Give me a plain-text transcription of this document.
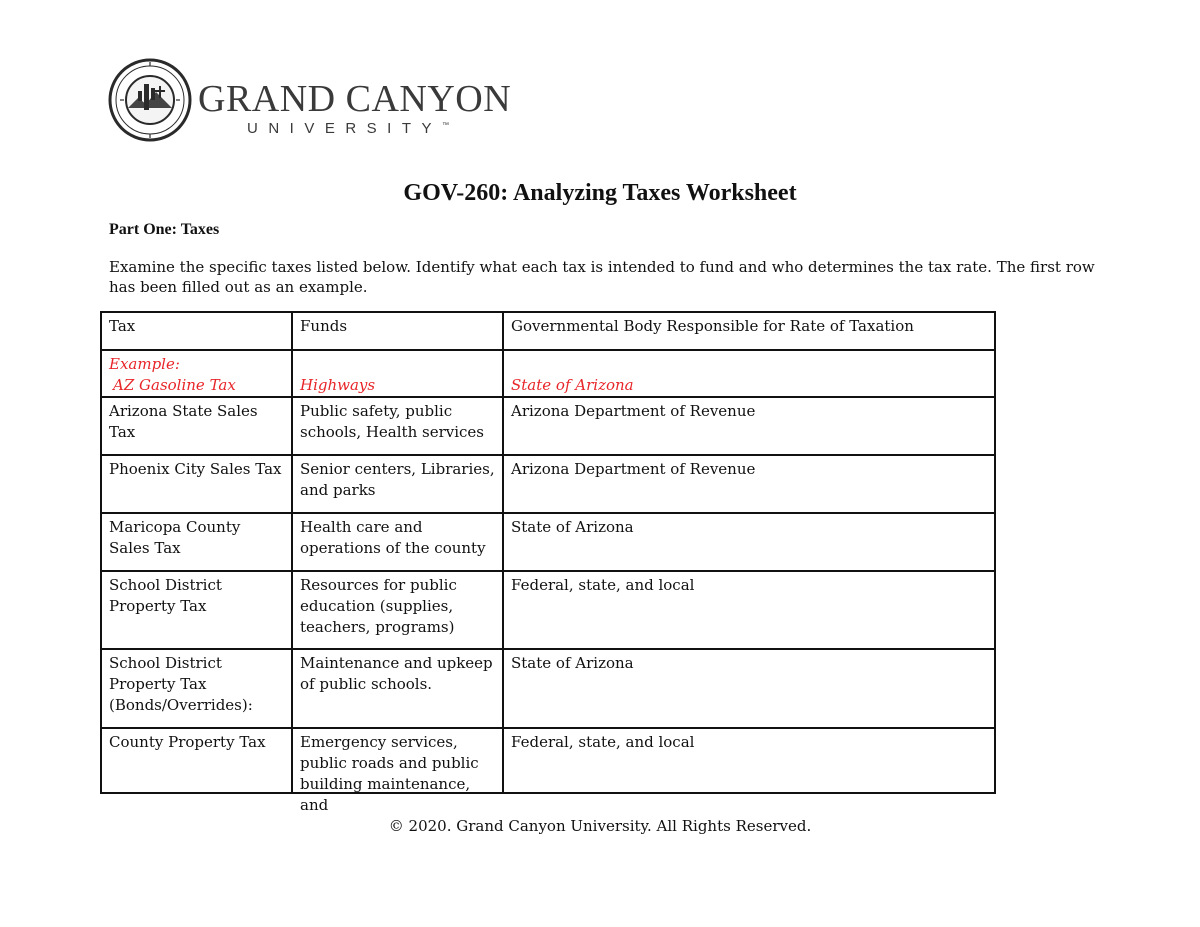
GRAND CANYON
UNIVERSITY™
GOV-260: Analyzing Taxes Worksheet
Part One: Taxes
Examine the specific taxes listed below. Identify what each tax is intended to fund and who determines the tax rate. The first row has been filled out as an example.
Tax	Funds	Governmental Body Responsible for Rate of Taxation

Example:
AZ Gasoline Tax	Highways	State of Arizona
Arizona State Sales Tax	Public safety, public schools, Health services	Arizona Department of Revenue
Phoenix City Sales Tax	Senior centers, Libraries, and parks	Arizona Department of Revenue
Maricopa County Sales Tax	Health care and operations of the county	State of Arizona
School District Property Tax	Resources for public education (supplies, teachers, programs)	Federal, state, and local
School District Property Tax (Bonds/Overrides):	Maintenance and upkeep of public schools.	State of Arizona
County Property Tax	Emergency services, public roads and public building maintenance, and	Federal, state, and local
© 2020. Grand Canyon University. All Rights Reserved.
